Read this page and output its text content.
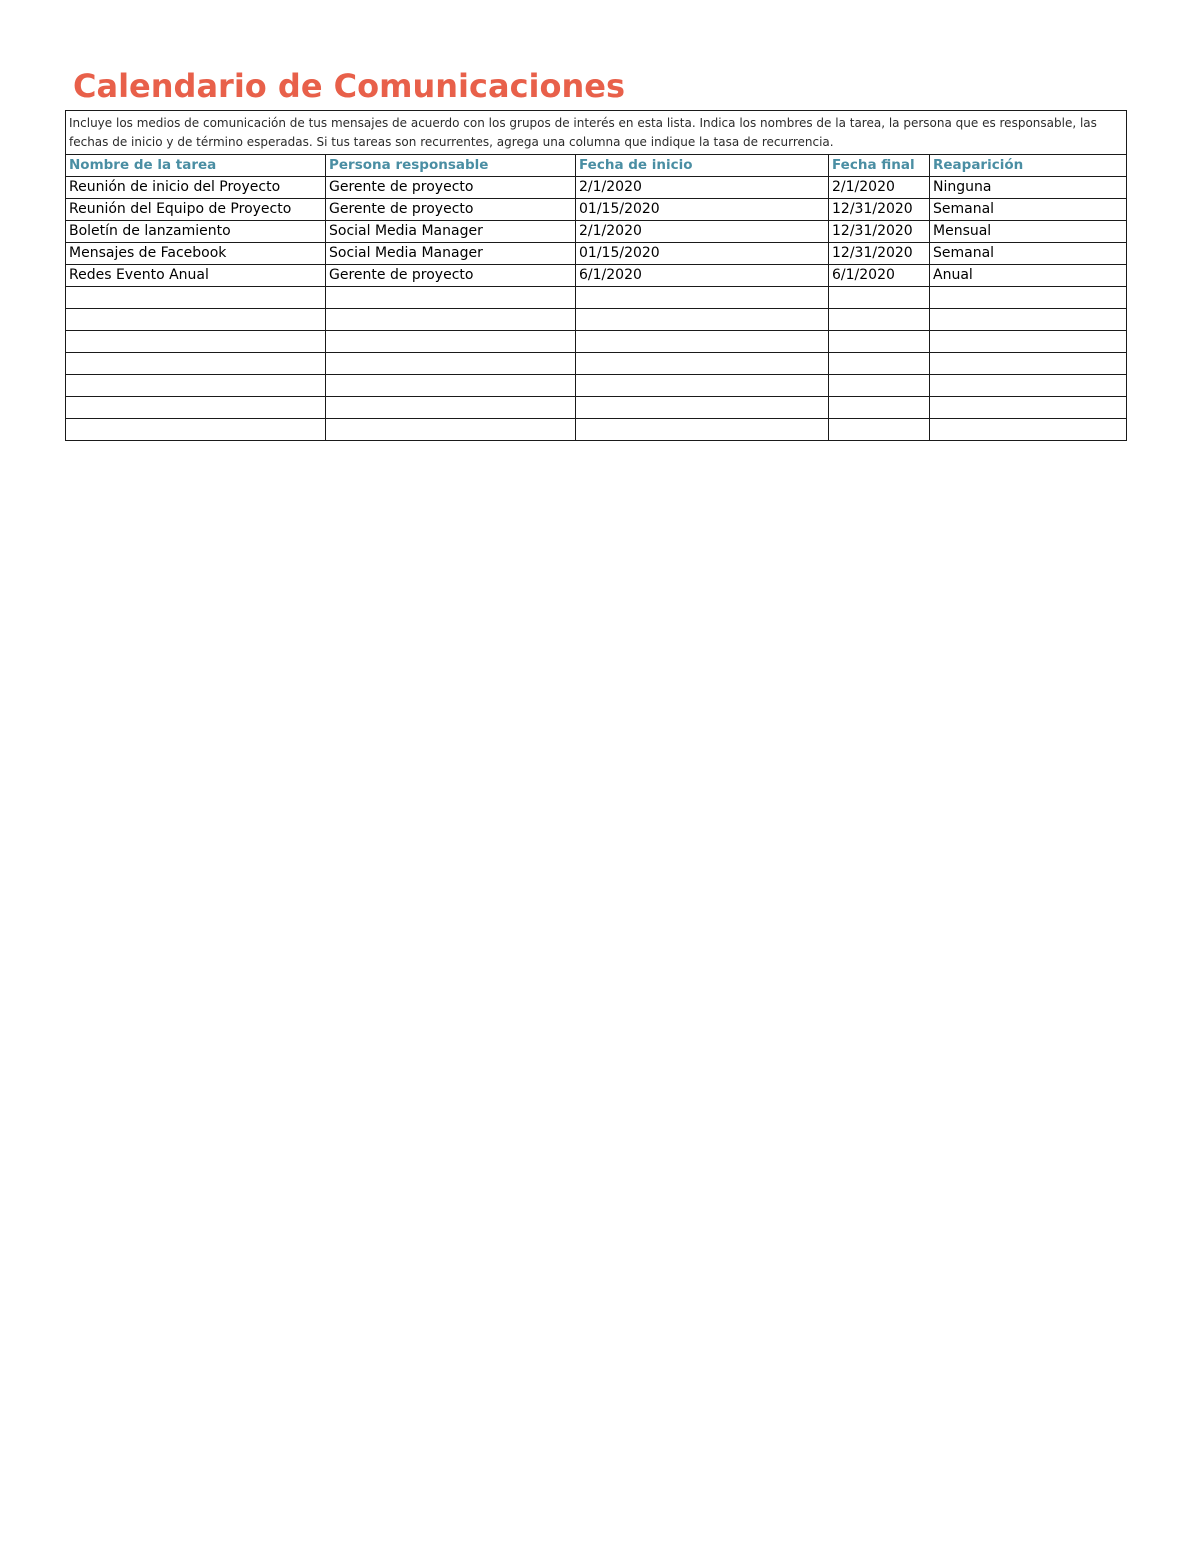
Calendario de Comunicaciones
Incluye los medios de comunicación de tus mensajes de acuerdo con los grupos de interés en esta lista. Indica los nombres de la tarea, la persona que es responsable, las fechas de inicio y de término esperadas. Si tus tareas son recurrentes, agrega una columna que indique la tasa de recurrencia.				
Nombre de la tarea	Persona responsable	Fecha de inicio	Fecha final	Reaparición
Reunión de inicio del Proyecto	Gerente de proyecto	2/1/2020	2/1/2020	Ninguna
Reunión del Equipo de Proyecto	Gerente de proyecto	01/15/2020	12/31/2020	Semanal
Boletín de lanzamiento	Social Media Manager	2/1/2020	12/31/2020	Mensual
Mensajes de Facebook	Social Media Manager	01/15/2020	12/31/2020	Semanal
Redes Evento Anual	Gerente de proyecto	6/1/2020	6/1/2020	Anual
